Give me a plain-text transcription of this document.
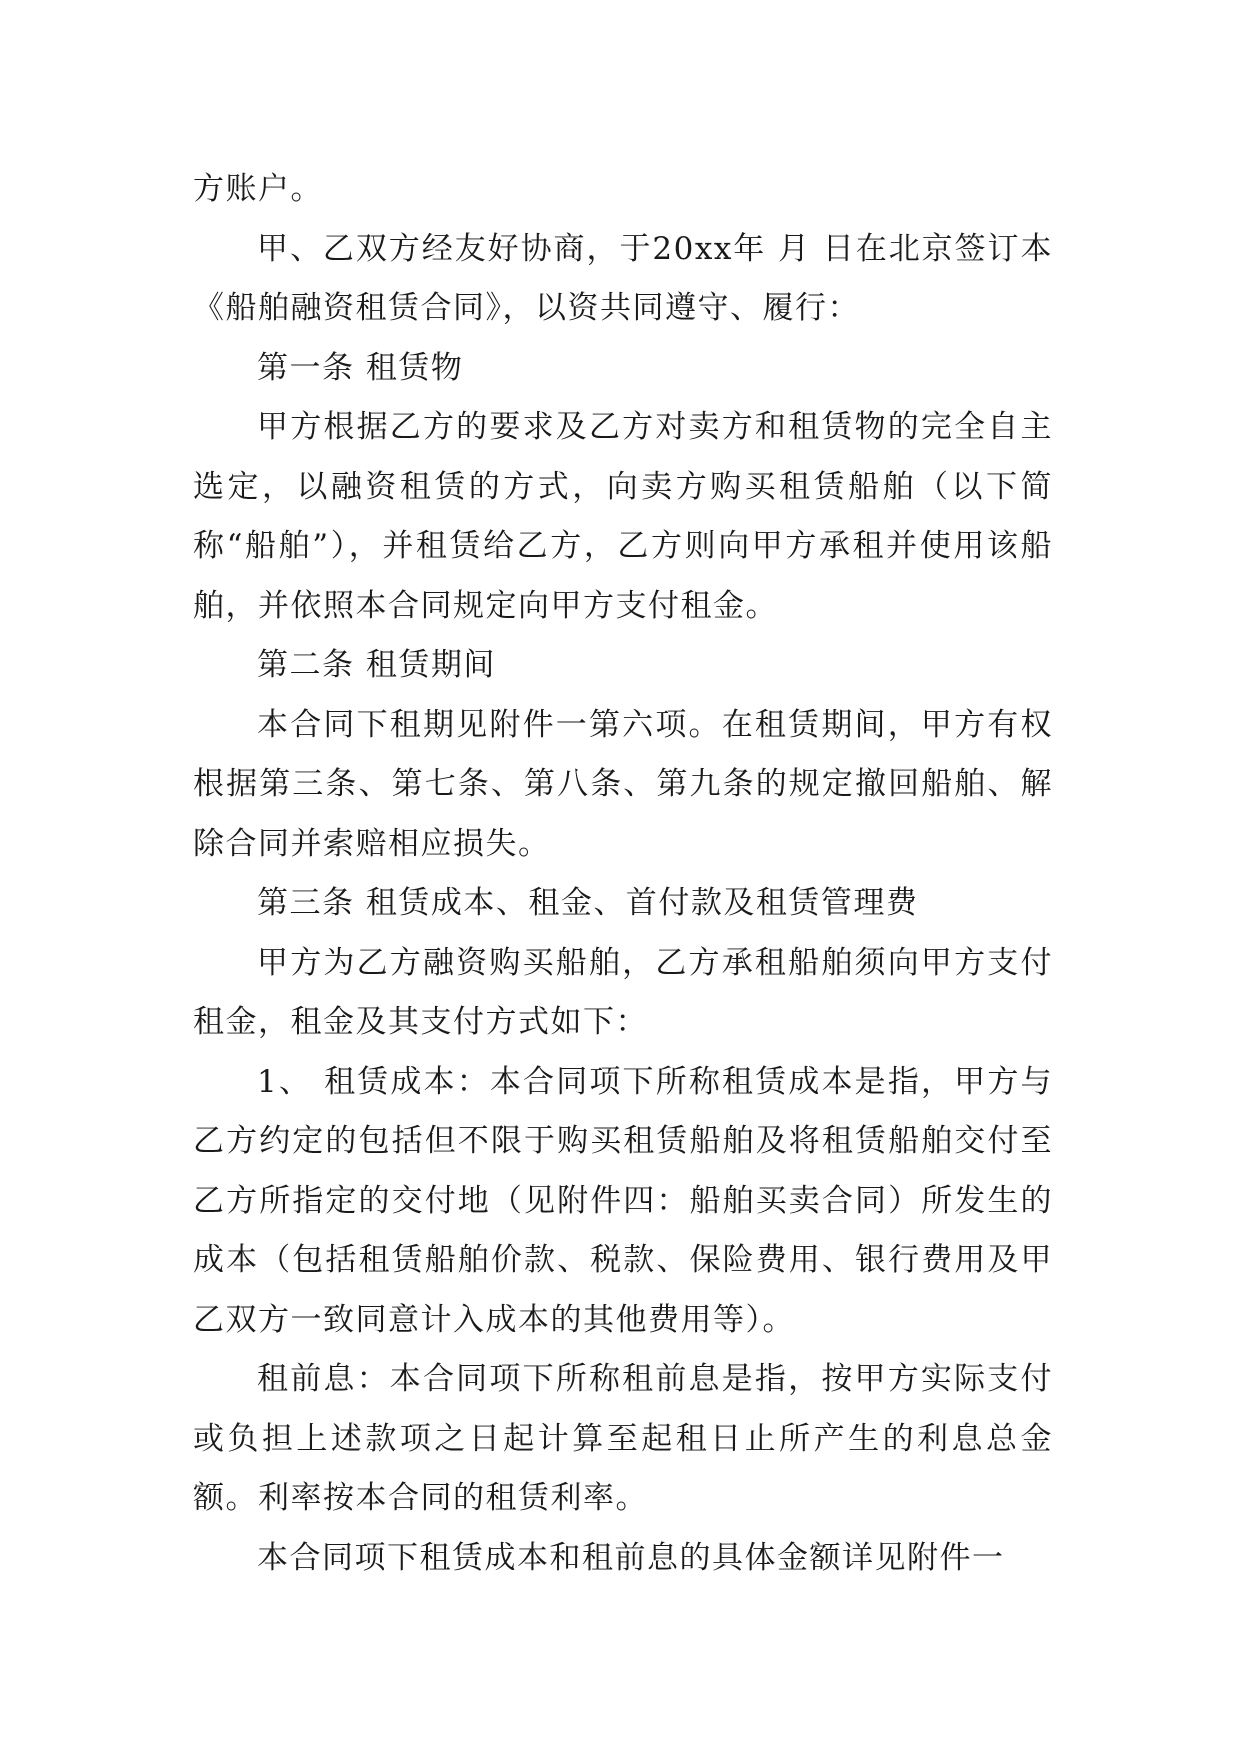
方账户。

甲、乙双方经友好协商，于20xx年 月 日在北京签订本《船舶融资租赁合同》，以资共同遵守、履行：

第一条 租赁物

甲方根据乙方的要求及乙方对卖方和租赁物的完全自主选定，以融资租赁的方式，向卖方购买租赁船舶（以下简称“船舶”），并租赁给乙方，乙方则向甲方承租并使用该船舶，并依照本合同规定向甲方支付租金。

第二条 租赁期间

本合同下租期见附件一第六项。在租赁期间，甲方有权根据第三条、第七条、第八条、第九条的规定撤回船舶、解除合同并索赔相应损失。

第三条 租赁成本、租金、首付款及租赁管理费

甲方为乙方融资购买船舶，乙方承租船舶须向甲方支付租金，租金及其支付方式如下：

1、 租赁成本：本合同项下所称租赁成本是指，甲方与乙方约定的包括但不限于购买租赁船舶及将租赁船舶交付至乙方所指定的交付地（见附件四：船舶买卖合同）所发生的成本（包括租赁船舶价款、税款、保险费用、银行费用及甲乙双方一致同意计入成本的其他费用等）。

租前息：本合同项下所称租前息是指，按甲方实际支付或负担上述款项之日起计算至起租日止所产生的利息总金额。利率按本合同的租赁利率。

本合同项下租赁成本和租前息的具体金额详见附件一
